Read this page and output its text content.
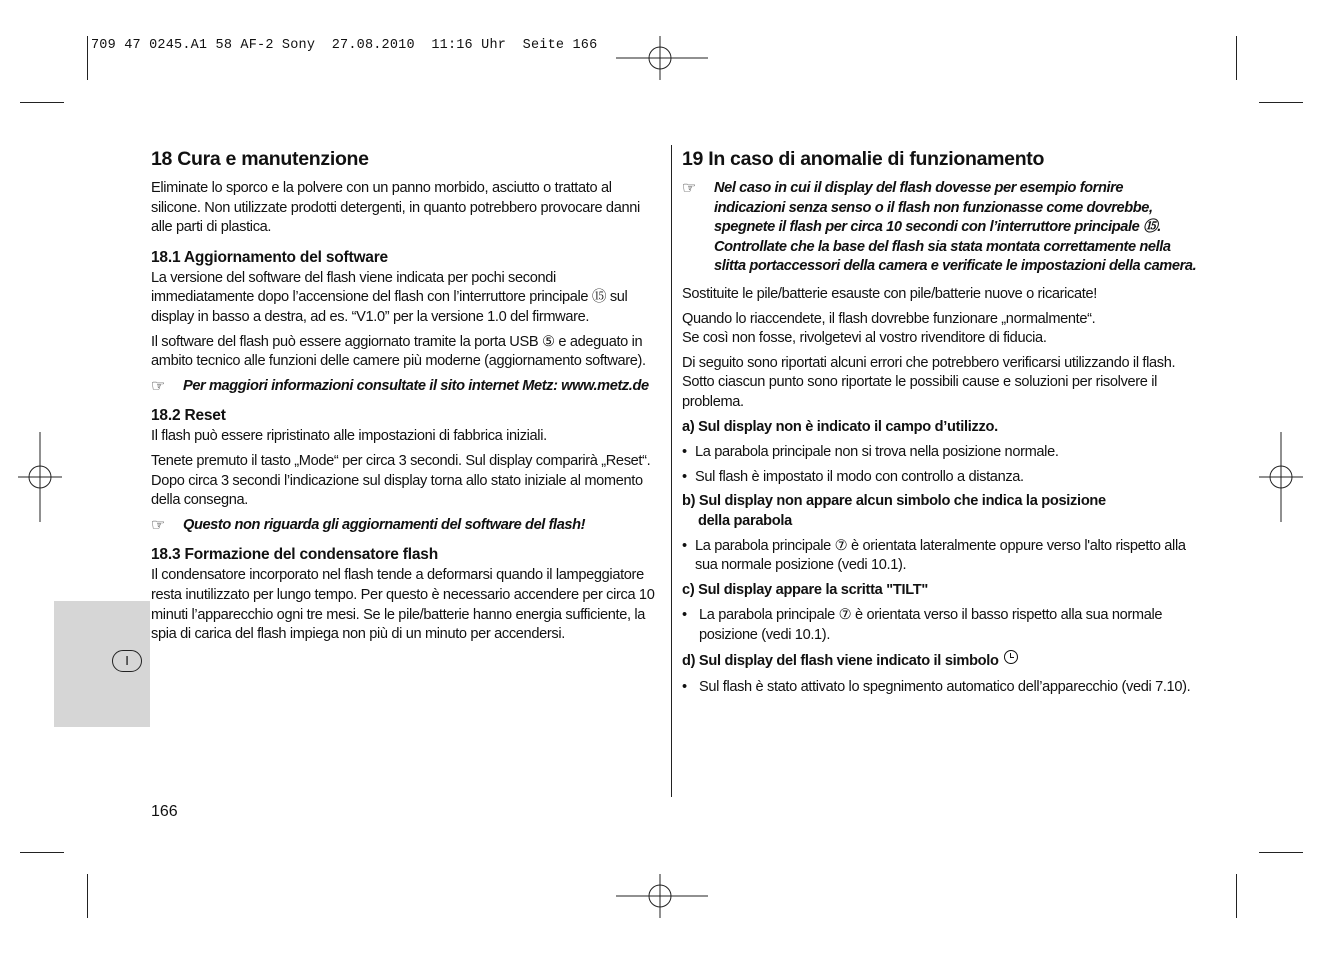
709 47 0245.A1 58 AF-2 Sony  27.08.2010  11:16 Uhr  Seite 166
I
18 Cura e manutenzione

Eliminate lo sporco e la polvere con un panno morbido, asciutto o trattato al silicone. Non utilizzate prodotti detergenti, in quanto potrebbero provocare danni alle parti di plastica.

18.1 Aggiornamento del software

La versione del software del flash viene indicata per pochi secondi immediatamente dopo l’accensione del flash con l’interruttore principale ⑮ sul display in basso a destra, ad es. “V1.0” per la versione 1.0 del firmware.

Il software del flash può essere aggiornato tramite la porta USB ⑤ e adeguato in ambito tecnico alle funzioni delle camere più moderne (aggiornamento software).

☞	Per maggiori informazioni consultate il sito internet Metz: www.metz.de
18.2 Reset

Il flash può essere ripristinato alle impostazioni di fabbrica iniziali.

Tenete premuto il tasto „Mode“ per circa 3 secondi. Sul display comparirà „Reset“. Dopo circa 3 secondi l’indicazione sul display torna allo stato iniziale al momento della consegna.

☞	Questo non riguarda gli aggiornamenti del software del flash!
18.3 Formazione del condensatore flash

Il condensatore incorporato nel flash tende a deformarsi quando il lampeggiatore resta inutilizzato per lungo tempo. Per questo è necessario accendere per circa 10 minuti l’apparecchio ogni tre mesi. Se le pile/batterie hanno energia sufficiente, la spia di carica del flash impiega non più di un minuto per accendersi.

19 In caso di anomalie di funzionamento
☞	Nel caso in cui il display del flash dovesse per esempio fornire indicazioni senza senso o il flash non funzionasse come dovrebbe, spegnete il flash per circa 10 secondi con l’interruttore principale ⑮. Controllate che la base del flash sia stata montata correttamente nella slitta portaccessori della camera e verificate le impostazioni della camera.

Sostituite le pile/batterie esauste con pile/batterie nuove o ricaricate!

Quando lo riaccendete, il flash dovrebbe funzionare „normalmente“.
Se così non fosse, rivolgetevi al vostro rivenditore di fiducia.

Di seguito sono riportati alcuni errori che potrebbero verificarsi utilizzando il flash. Sotto ciascun punto sono riportate le possibili cause e soluzioni per risolvere il problema.

a) Sul display non è indicato il campo d’utilizzo.
• La parabola principale non si trova nella posizione normale.
• Sul flash è impostato il modo con controllo a distanza.
b) Sul display non appare alcun simbolo che indica la posizione
della parabola
• La parabola principale ⑦ è orientata lateralmente oppure verso l'alto rispetto alla sua normale posizione (vedi 10.1).
c) Sul display appare la scritta "TILT"
• La parabola principale ⑦ è orientata verso il basso rispetto alla sua normale posizione (vedi 10.1).
d) Sul display del flash viene indicato il simbolo
• Sul flash è stato attivato lo spegnimento automatico dell’apparecchio (vedi 7.10).
166
